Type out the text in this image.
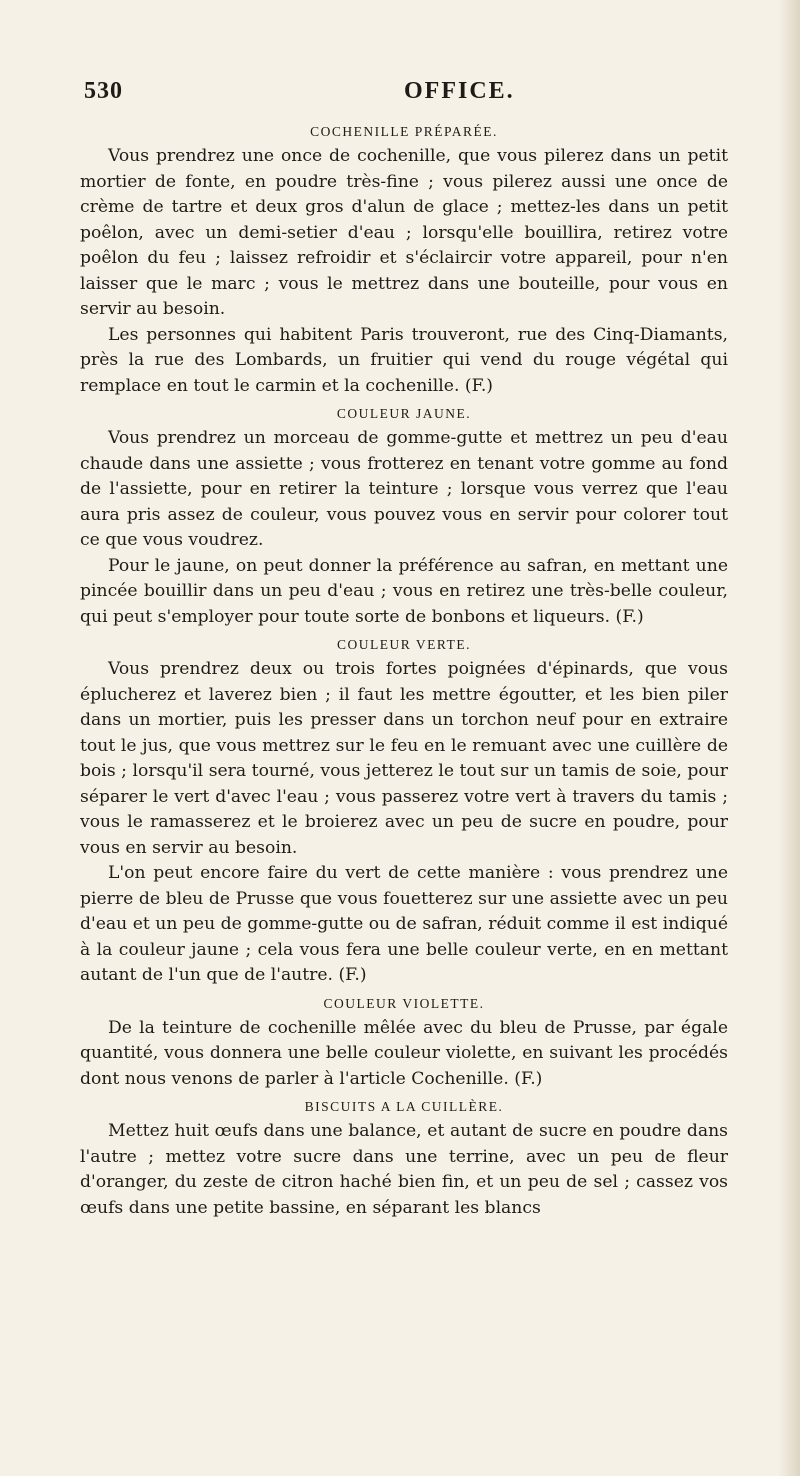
530	OFFICE.
COCHENILLE PRÉPARÉE.

Vous prendrez une once de cochenille, que vous pilerez dans un petit mortier de fonte, en poudre très-fine ; vous pilerez aussi une once de crème de tartre et deux gros d'alun de glace ; mettez-les dans un petit poêlon, avec un demi-setier d'eau ; lorsqu'elle bouillira, retirez votre poêlon du feu ; laissez refroidir et s'éclaircir votre appareil, pour n'en laisser que le marc ; vous le mettrez dans une bouteille, pour vous en servir au besoin.

Les personnes qui habitent Paris trouveront, rue des Cinq-Diamants, près la rue des Lombards, un fruitier qui vend du rouge végétal qui remplace en tout le carmin et la cochenille. (F.)

COULEUR JAUNE.

Vous prendrez un morceau de gomme-gutte et mettrez un peu d'eau chaude dans une assiette ; vous frotterez en tenant votre gomme au fond de l'assiette, pour en retirer la teinture ; lorsque vous verrez que l'eau aura pris assez de couleur, vous pouvez vous en servir pour colorer tout ce que vous voudrez.

Pour le jaune, on peut donner la préférence au safran, en mettant une pincée bouillir dans un peu d'eau ; vous en retirez une très-belle couleur, qui peut s'employer pour toute sorte de bonbons et liqueurs. (F.)

COULEUR VERTE.

Vous prendrez deux ou trois fortes poignées d'épinards, que vous éplucherez et laverez bien ; il faut les mettre égoutter, et les bien piler dans un mortier, puis les presser dans un torchon neuf pour en extraire tout le jus, que vous mettrez sur le feu en le remuant avec une cuillère de bois ; lorsqu'il sera tourné, vous jetterez le tout sur un tamis de soie, pour séparer le vert d'avec l'eau ; vous passerez votre vert à travers du tamis ; vous le ramasserez et le broierez avec un peu de sucre en poudre, pour vous en servir au besoin.

L'on peut encore faire du vert de cette manière : vous prendrez une pierre de bleu de Prusse que vous fouetterez sur une assiette avec un peu d'eau et un peu de gomme-gutte ou de safran, réduit comme il est indiqué à la couleur jaune ; cela vous fera une belle couleur verte, en en mettant autant de l'un que de l'autre. (F.)

COULEUR VIOLETTE.

De la teinture de cochenille mêlée avec du bleu de Prusse, par égale quantité, vous donnera une belle couleur violette, en suivant les procédés dont nous venons de parler à l'article Cochenille. (F.)

BISCUITS A LA CUILLÈRE.

Mettez huit œufs dans une balance, et autant de sucre en poudre dans l'autre ; mettez votre sucre dans une terrine, avec un peu de fleur d'oranger, du zeste de citron haché bien fin, et un peu de sel ; cassez vos œufs dans une petite bassine, en séparant les blancs
